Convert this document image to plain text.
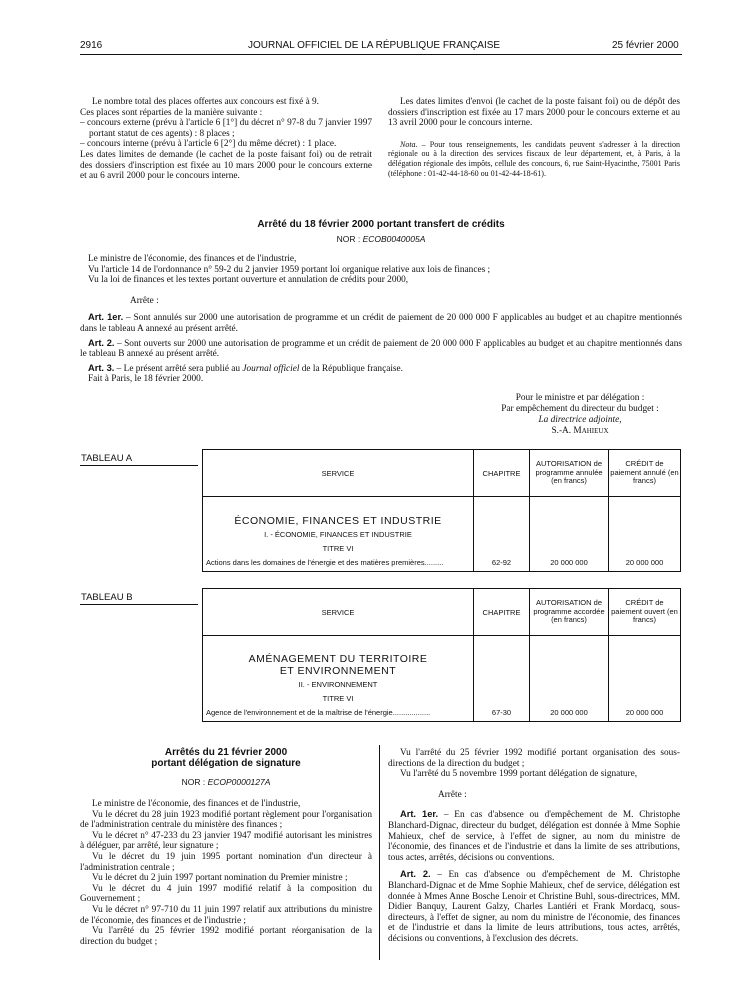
2916	JOURNAL OFFICIEL DE LA RÉPUBLIQUE FRANÇAISE	25 février 2000

Le nombre total des places offertes aux concours est fixé à 9.

Ces places sont réparties de la manière suivante :

– concours externe (prévu à l'article 6 [1°] du décret n° 97-8 du 7 janvier 1997 portant statut de ces agents) : 8 places ;

– concours interne (prévu à l'article 6 [2°] du même décret) : 1 place.

Les dates limites de demande (le cachet de la poste faisant foi) ou de retrait des dossiers d'inscription est fixée au 10 mars 2000 pour le concours externe et au 6 avril 2000 pour le concours interne.

Les dates limites d'envoi (le cachet de la poste faisant foi) ou de dépôt des dossiers d'inscription est fixée au 17 mars 2000 pour le concours externe et au 13 avril 2000 pour le concours interne.

Nota. – Pour tous renseignements, les candidats peuvent s'adresser à la direction régionale ou à la direction des services fiscaux de leur département, et, à Paris, à la délégation régionale des impôts, cellule des concours, 6, rue Saint-Hyacinthe, 75001 Paris (téléphone : 01-42-44-18-60 ou 01-42-44-18-61).

Arrêté du 18 février 2000 portant transfert de crédits
NOR : ECOB0040005A

Le ministre de l'économie, des finances et de l'industrie,

Vu l'article 14 de l'ordonnance n° 59-2 du 2 janvier 1959 portant loi organique relative aux lois de finances ;

Vu la loi de finances et les textes portant ouverture et annulation de crédits pour 2000,

Arrête :

Art. 1er. – Sont annulés sur 2000 une autorisation de programme et un crédit de paiement de 20 000 000 F applicables au budget et au chapitre mentionnés dans le tableau A annexé au présent arrêté.

Art. 2. – Sont ouverts sur 2000 une autorisation de programme et un crédit de paiement de 20 000 000 F applicables au budget et au chapitre mentionnés dans le tableau B annexé au présent arrêté.

Art. 3. – Le présent arrêté sera publié au Journal officiel de la République française.

Fait à Paris, le 18 février 2000.

Pour le ministre et par délégation :

Par empêchement du directeur du budget :

La directrice adjointe,

S.-A. Mahieux

TABLEAU A
SERVICE	CHAPITRE	AUTORISATION de programme annulée (en francs)	CRÉDIT de paiement annulé (en francs)

ÉCONOMIE, FINANCES ET INDUSTRIE
I. - ÉCONOMIE, FINANCES ET INDUSTRIE
TITRE VI
Actions dans les domaines de l'énergie et des matières premières.........	62-92	20 000 000	20 000 000
TABLEAU B
SERVICE	CHAPITRE	AUTORISATION de programme accordée (en francs)	CRÉDIT de paiement ouvert (en francs)

AMÉNAGEMENT DU TERRITOIRE
ET ENVIRONNEMENT
II. - ENVIRONNEMENT
TITRE VI
Agence de l'environnement et de la maîtrise de l'énergie..................	67-30	20 000 000	20 000 000
Arrêtés du 21 février 2000
portant délégation de signature
NOR : ECOP0000127A

Le ministre de l'économie, des finances et de l'industrie,

Vu le décret du 28 juin 1923 modifié portant règlement pour l'organisation de l'administration centrale du ministère des finances ;

Vu le décret n° 47-233 du 23 janvier 1947 modifié autorisant les ministres à déléguer, par arrêté, leur signature ;

Vu le décret du 19 juin 1995 portant nomination d'un directeur à l'administration centrale ;

Vu le décret du 2 juin 1997 portant nomination du Premier ministre ;

Vu le décret du 4 juin 1997 modifié relatif à la composition du Gouvernement ;

Vu le décret n° 97-710 du 11 juin 1997 relatif aux attributions du ministre de l'économie, des finances et de l'industrie ;

Vu l'arrêté du 25 février 1992 modifié portant réorganisation de la direction du budget ;

Vu l'arrêté du 25 février 1992 modifié portant organisation des sous-directions de la direction du budget ;

Vu l'arrêté du 5 novembre 1999 portant délégation de signature,

Arrête :

Art. 1er. – En cas d'absence ou d'empêchement de M. Christophe Blanchard-Dignac, directeur du budget, délégation est donnée à Mme Sophie Mahieux, chef de service, à l'effet de signer, au nom du ministre de l'économie, des finances et de l'industrie et dans la limite de ses attributions, tous actes, arrêtés, décisions ou conventions.

Art. 2. – En cas d'absence ou d'empêchement de M. Christophe Blanchard-Dignac et de Mme Sophie Mahieux, chef de service, délégation est donnée à Mmes Anne Bosche Lenoir et Christine Buhl, sous-directrices, MM. Didier Banquy, Laurent Galzy, Charles Lantiéri et Frank Mordacq, sous-directeurs, à l'effet de signer, au nom du ministre de l'économie, des finances et de l'industrie et dans la limite de leurs attributions, tous actes, arrêtés, décisions ou conventions, à l'exclusion des décrets.
